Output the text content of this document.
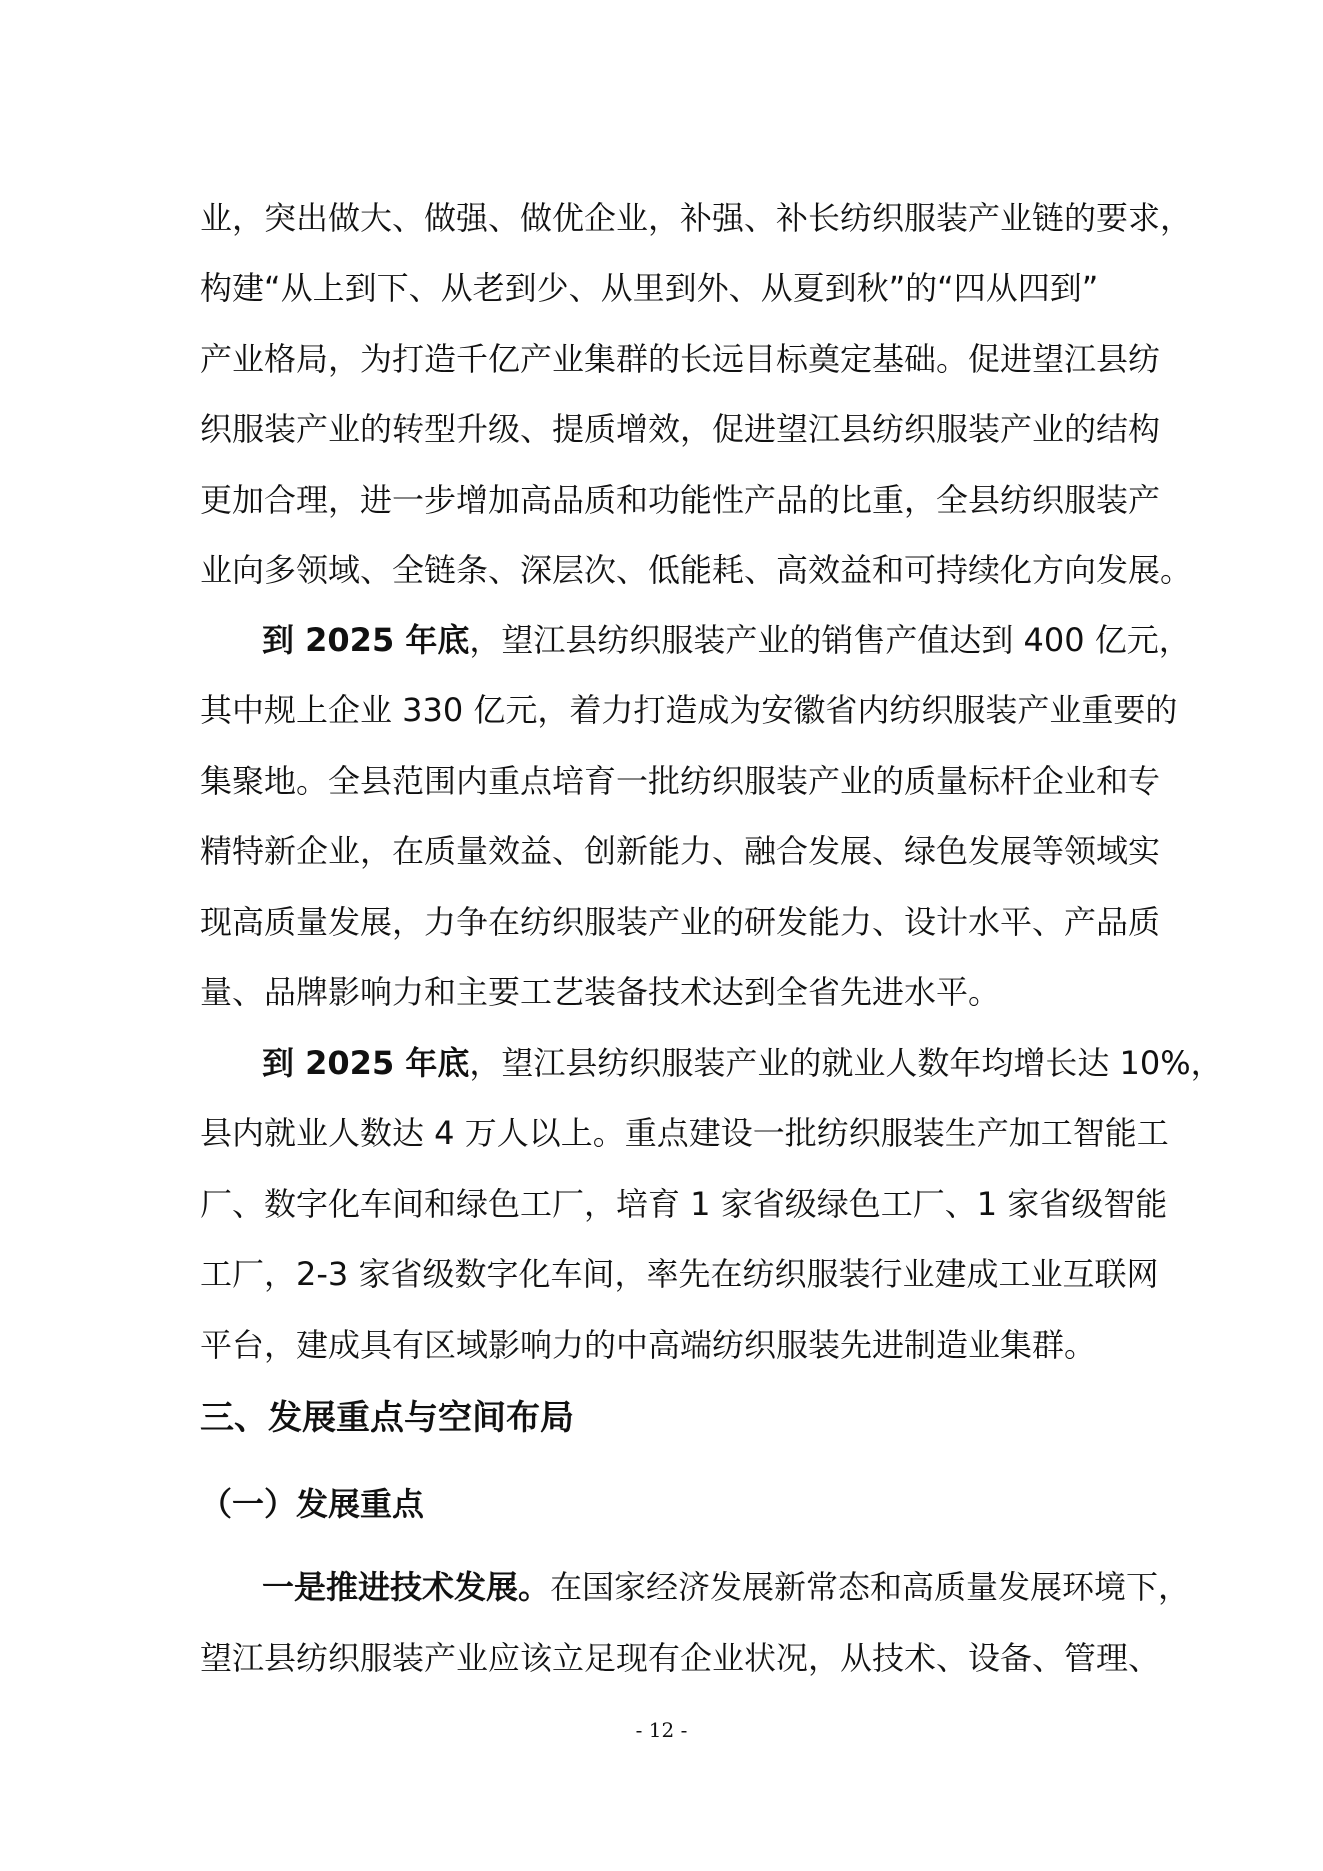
业，突出做大、做强、做优企业，补强、补长纺织服装产业链的要求，
构建“从上到下、从老到少、从里到外、从夏到秋”的“四从四到”
产业格局，为打造千亿产业集群的长远目标奠定基础。促进望江县纺
织服装产业的转型升级、提质增效，促进望江县纺织服装产业的结构
更加合理，进一步增加高品质和功能性产品的比重，全县纺织服装产
业向多领域、全链条、深层次、低能耗、高效益和可持续化方向发展。
到 2025 年底，望江县纺织服装产业的销售产值达到 400 亿元，
其中规上企业 330 亿元，着力打造成为安徽省内纺织服装产业重要的
集聚地。全县范围内重点培育一批纺织服装产业的质量标杆企业和专
精特新企业，在质量效益、创新能力、融合发展、绿色发展等领域实
现高质量发展，力争在纺织服装产业的研发能力、设计水平、产品质
量、品牌影响力和主要工艺装备技术达到全省先进水平。
到 2025 年底，望江县纺织服装产业的就业人数年均增长达 10%，
县内就业人数达 4 万人以上。重点建设一批纺织服装生产加工智能工
厂、数字化车间和绿色工厂，培育 1 家省级绿色工厂、1 家省级智能
工厂，2-3 家省级数字化车间，率先在纺织服装行业建成工业互联网
平台，建成具有区域影响力的中高端纺织服装先进制造业集群。
三、发展重点与空间布局
（一）发展重点
一是推进技术发展。在国家经济发展新常态和高质量发展环境下，
望江县纺织服装产业应该立足现有企业状况，从技术、设备、管理、
- 12 -
